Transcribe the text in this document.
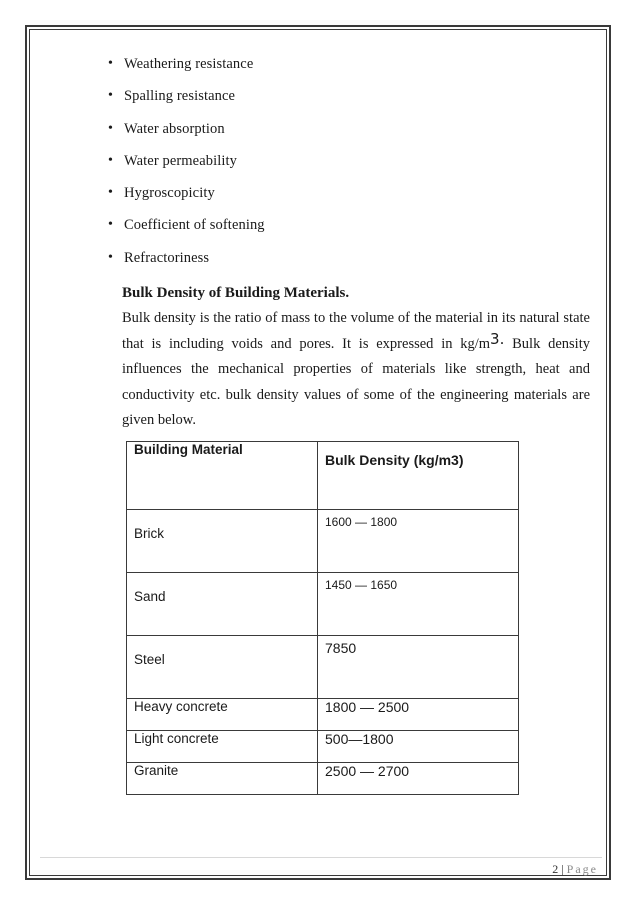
• Weathering resistance
• Spalling resistance
• Water absorption
• Water permeability
• Hygroscopicity
• Coefficient of softening
• Refractoriness
Bulk Density of Building Materials.
Bulk density is the ratio of mass to the volume of the material in its natural state that is including voids and pores. It is expressed in $kg/m^{3.}$ Bulk density influences the mechanical properties of materials like strength, heat and conductivity etc. bulk density values of some of the engineering materials are given below.
Building Material	Bulk Density (kg/m3)
Brick	1600 — 1800
Sand	1450 — 1650
Steel	7850
Heavy concrete	1800 — 2500
Light concrete	500—1800
Granite	2500 — 2700
2 | Page
